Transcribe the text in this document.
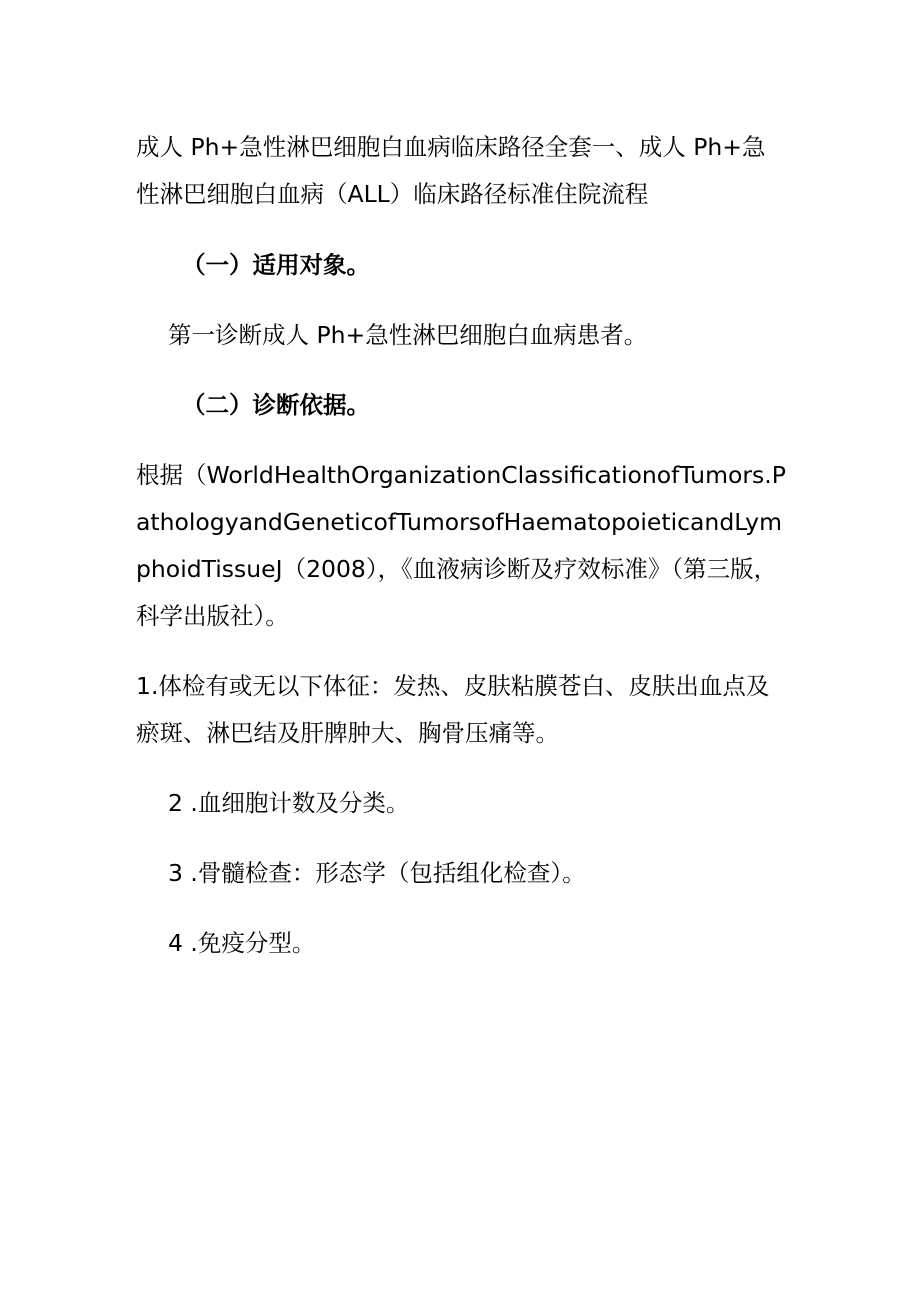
成人 Ph+急性淋巴细胞白血病临床路径全套一、成人 Ph+急性淋巴细胞白血病（ALL）临床路径标准住院流程

（一）适用对象。

第一诊断成人 Ph+急性淋巴细胞白血病患者。

（二）诊断依据。

根据（WorldHealthOrganizationClassificationofTumors.PathologyandGeneticofTumorsofHaematopoieticandLymphoidTissueJ（2008），《血液病诊断及疗效标准》（第三版，科学出版社）。

1.体检有或无以下体征：发热、皮肤粘膜苍白、皮肤出血点及瘀斑、淋巴结及肝脾肿大、胸骨压痛等。

2 .血细胞计数及分类。

3 .骨髓检查：形态学（包括组化检查）。

4 .免疫分型。
